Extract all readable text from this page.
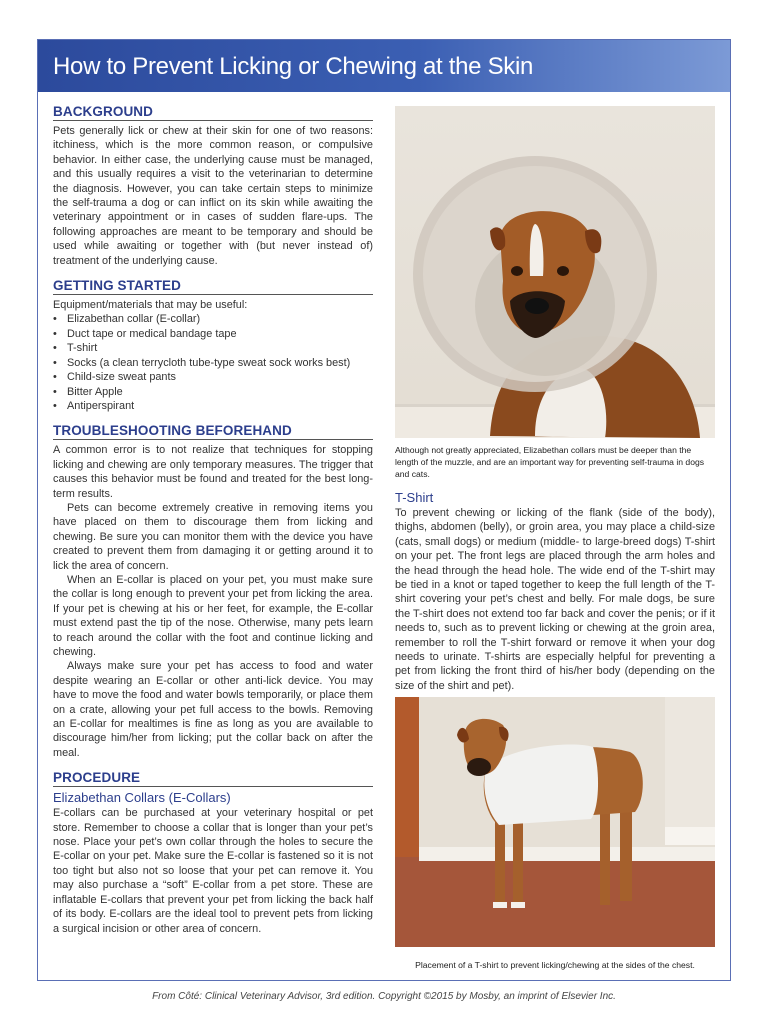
How to Prevent Licking or Chewing at the Skin
BACKGROUND

Pets generally lick or chew at their skin for one of two reasons: itchiness, which is the more common reason, or compulsive behavior. In either case, the underlying cause must be managed, and this usually requires a visit to the veterinarian to determine the diagnosis. However, you can take certain steps to minimize the self-trauma a dog or can inflict on its skin while awaiting the veterinary appointment or in cases of sudden flare-ups. The following approaches are meant to be temporary and should be used while awaiting or together with (but never instead of) treatment of the underlying cause.

GETTING STARTED

Equipment/materials that may be useful:

• Elizabethan collar (E-collar)
• Duct tape or medical bandage tape
• T-shirt
• Socks (a clean terrycloth tube-type sweat sock works best)
• Child-size sweat pants
• Bitter Apple
• Antiperspirant
TROUBLESHOOTING BEFOREHAND

A common error is to not realize that techniques for stopping licking and chewing are only temporary measures. The trigger that causes this behavior must be found and treated for the best long-term results.

Pets can become extremely creative in removing items you have placed on them to discourage them from licking and chewing. Be sure you can monitor them with the device you have created to prevent them from damaging it or getting around it to lick the area of concern.

When an E-collar is placed on your pet, you must make sure the collar is long enough to prevent your pet from licking the area. If your pet is chewing at his or her feet, for example, the E-collar must extend past the tip of the nose. Otherwise, many pets learn to reach around the collar with the foot and continue licking and chewing.

Always make sure your pet has access to food and water despite wearing an E-collar or other anti-lick device. You may have to move the food and water bowls temporarily, or place them on a crate, allowing your pet full access to the bowls. Removing an E-collar for mealtimes is fine as long as you are available to discourage him/her from licking; put the collar back on after the meal.

PROCEDURE
Elizabethan Collars (E-Collars)

E-collars can be purchased at your veterinary hospital or pet store. Remember to choose a collar that is longer than your pet’s nose. Place your pet’s own collar through the holes to secure the E-collar on your pet. Make sure the E-collar is fastened so it is not too tight but also not so loose that your pet can remove it. You may also purchase a “soft” E-collar from a pet store. These are inflatable E-collars that prevent your pet from licking the back half of its body. E-collars are the ideal tool to prevent pets from licking a surgical incision or other area of concern.

Although not greatly appreciated, Elizabethan collars must be deeper than the length of the muzzle, and are an important way for preventing self-trauma in dogs and cats.
T-Shirt

To prevent chewing or licking of the flank (side of the body), thighs, abdomen (belly), or groin area, you may place a child-size (cats, small dogs) or medium (middle- to large-breed dogs) T-shirt on your pet. The front legs are placed through the arm holes and the head through the head hole. The wide end of the T-shirt may be tied in a knot or taped together to keep the full length of the T-shirt covering your pet’s chest and belly. For male dogs, be sure the T-shirt does not extend too far back and cover the penis; or if it needs to, such as to prevent licking or chewing at the groin area, remember to roll the T-shirt forward or remove it when your dog needs to urinate. T-shirts are especially helpful for preventing a pet from licking the front third of his/her body (depending on the size of the shirt and pet).

Placement of a T-shirt to prevent licking/chewing at the sides of the chest.
From Côté: Clinical Veterinary Advisor, 3rd edition. Copyright ©2015 by Mosby, an imprint of Elsevier Inc.
